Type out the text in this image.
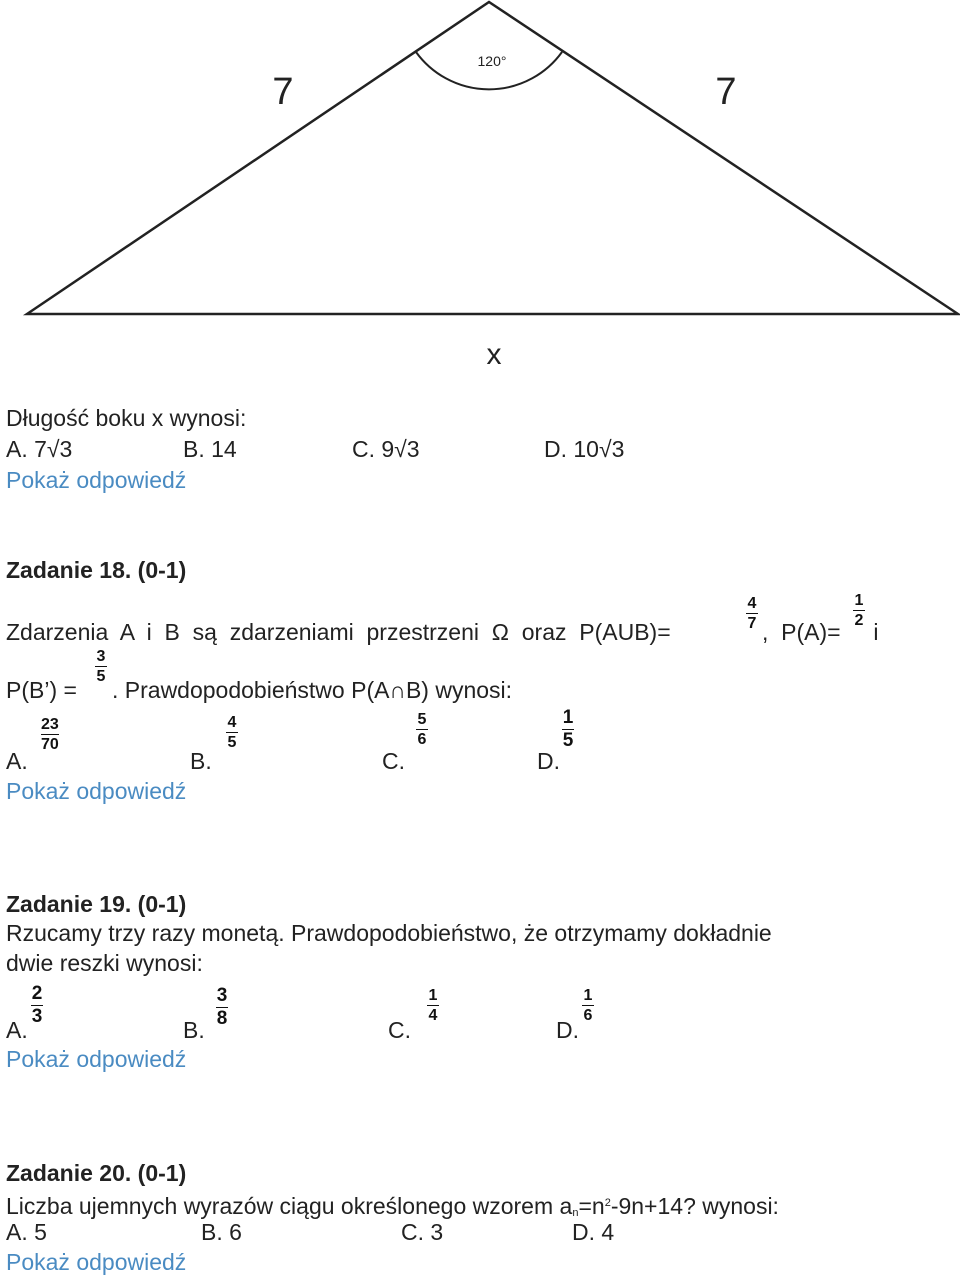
120°
7	7
x
Długość boku x wynosi:
A. 7√3	B. 14	C. 9√3	D. 10√3
Pokaż odpowiedź
Zadanie 18. (0-1)
Zdarzenia  A  i  B  są  zdarzeniami  przestrzeni  Ω  oraz  P(AUB)=
4
7 ,  P(A)=
1
2 i
P(B’) =
3
5
. Prawdopodobieństwo P(A∩B) wynosi:
A.
23
70
B.
4
5
C.
5
6
D.
1
5
Pokaż odpowiedź
Zadanie 19. (0-1)
Rzucamy trzy razy monetą. Prawdopodobieństwo, że otrzymamy dokładnie
dwie reszki wynosi:
A.
2
3
B.
3
8	C.
1
4
D.
1
6
Pokaż odpowiedź
Zadanie 20. (0-1)
Liczba ujemnych wyrazów ciągu określonego wzorem $an=n^2-9n+14$? wynosi:
A. 5	B. 6	C. 3	D. 4
Pokaż odpowiedź
